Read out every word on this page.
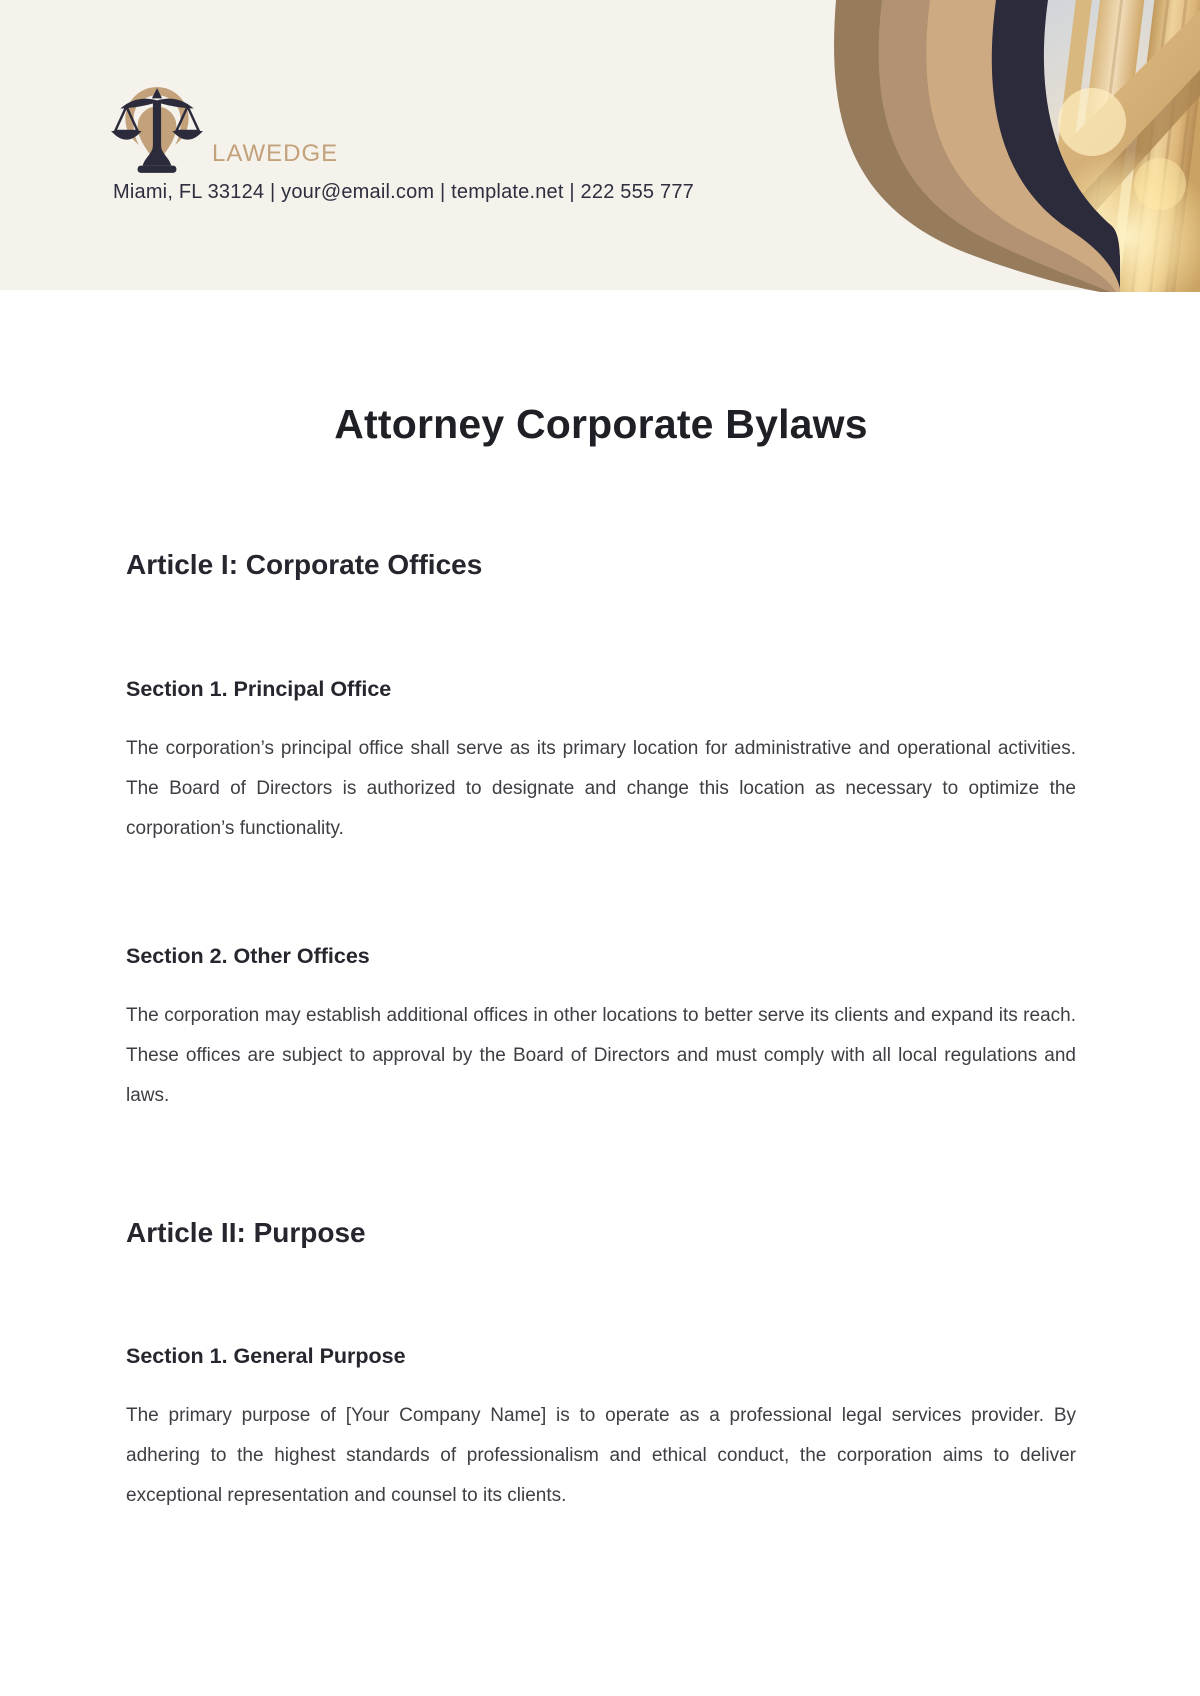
LAWEDGE
Miami, FL 33124 | your@email.com | template.net | 222 555 777
Attorney Corporate Bylaws
Article I: Corporate Offices
Section 1. Principal Office

The corporation’s principal office shall serve as its primary location for administrative and operational activities. The Board of Directors is authorized to designate and change this location as necessary to optimize the corporation’s functionality.

Section 2. Other Offices

The corporation may establish additional offices in other locations to better serve its clients and expand its reach. These offices are subject to approval by the Board of Directors and must comply with all local regulations and laws.

Article II: Purpose
Section 1. General Purpose

The primary purpose of [Your Company Name] is to operate as a professional legal services provider. By adhering to the highest standards of professionalism and ethical conduct, the corporation aims to deliver exceptional representation and counsel to its clients.
